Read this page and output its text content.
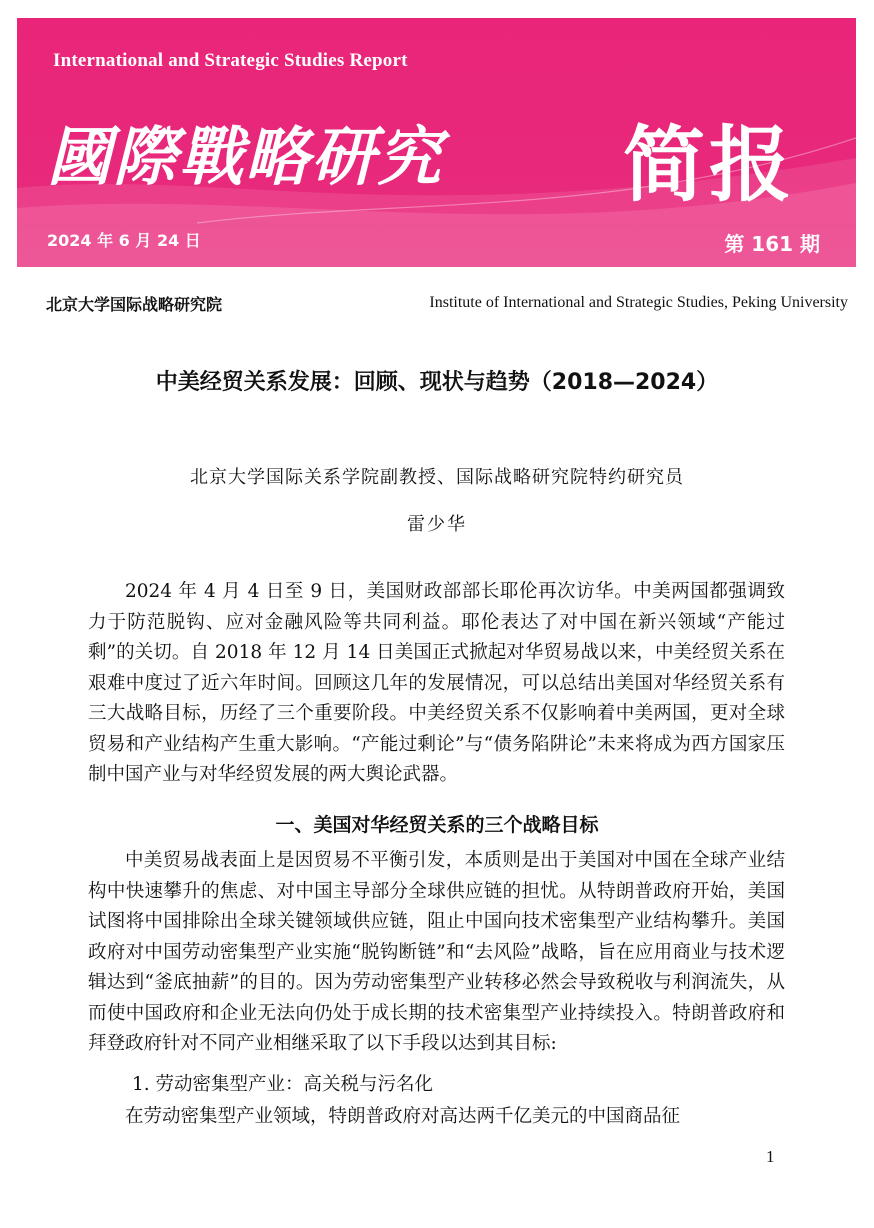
International and Strategic Studies Report
國際戰略研究 简报
2024 年 6 月 24 日	第 161 期
北京大学国际战略研究院	Institute of International and Strategic Studies, Peking University
中美经贸关系发展：回顾、现状与趋势（2018—2024）
北京大学国际关系学院副教授、国际战略研究院特约研究员
雷少华

2024 年 4 月 4 日至 9 日，美国财政部部长耶伦再次访华。中美两国都强调致力于防范脱钩、应对金融风险等共同利益。耶伦表达了对中国在新兴领域“产能过剩”的关切。自 2018 年 12 月 14 日美国正式掀起对华贸易战以来，中美经贸关系在艰难中度过了近六年时间。回顾这几年的发展情况，可以总结出美国对华经贸关系有三大战略目标，历经了三个重要阶段。中美经贸关系不仅影响着中美两国，更对全球贸易和产业结构产生重大影响。“产能过剩论”与“债务陷阱论”未来将成为西方国家压制中国产业与对华经贸发展的两大舆论武器。

一、美国对华经贸关系的三个战略目标

中美贸易战表面上是因贸易不平衡引发，本质则是出于美国对中国在全球产业结构中快速攀升的焦虑、对中国主导部分全球供应链的担忧。从特朗普政府开始，美国试图将中国排除出全球关键领域供应链，阻止中国向技术密集型产业结构攀升。美国政府对中国劳动密集型产业实施“脱钩断链”和“去风险”战略，旨在应用商业与技术逻辑达到“釜底抽薪”的目的。因为劳动密集型产业转移必然会导致税收与利润流失，从而使中国政府和企业无法向仍处于成长期的技术密集型产业持续投入。特朗普政府和拜登政府针对不同产业相继采取了以下手段以达到其目标:

1. 劳动密集型产业：高关税与污名化

在劳动密集型产业领域，特朗普政府对高达两千亿美元的中国商品征

1
